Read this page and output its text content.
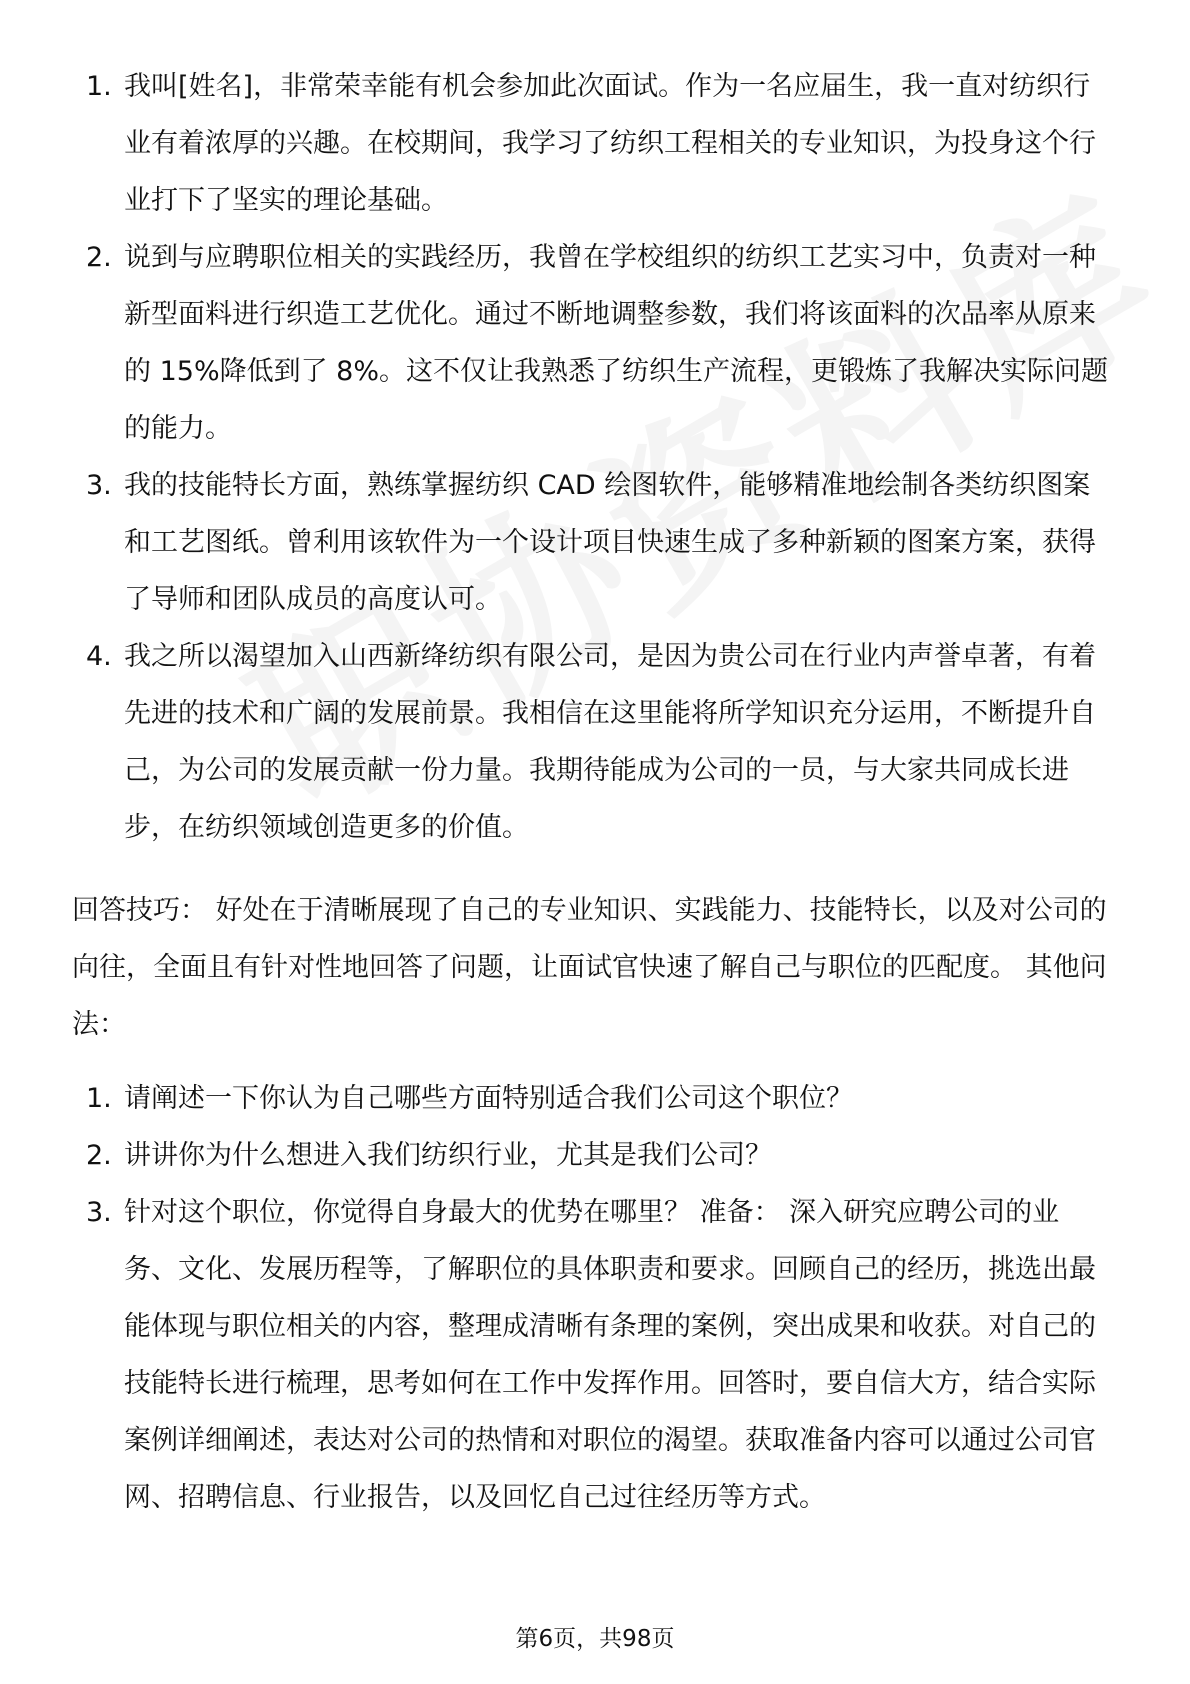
1. 我叫[姓名]，非常荣幸能有机会参加此次面试。作为一名应届生，我一直对纺织行业有着浓厚的兴趣。在校期间，我学习了纺织工程相关的专业知识，为投身这个行业打下了坚实的理论基础。
2. 说到与应聘职位相关的实践经历，我曾在学校组织的纺织工艺实习中，负责对一种新型面料进行织造工艺优化。通过不断地调整参数，我们将该面料的次品率从原来的 15%降低到了 8%。这不仅让我熟悉了纺织生产流程，更锻炼了我解决实际问题的能力。
3. 我的技能特长方面，熟练掌握纺织 CAD 绘图软件，能够精准地绘制各类纺织图案和工艺图纸。曾利用该软件为一个设计项目快速生成了多种新颖的图案方案，获得了导师和团队成员的高度认可。
4. 我之所以渴望加入山西新绛纺织有限公司，是因为贵公司在行业内声誉卓著，有着先进的技术和广阔的发展前景。我相信在这里能将所学知识充分运用，不断提升自己，为公司的发展贡献一份力量。我期待能成为公司的一员，与大家共同成长进步，在纺织领域创造更多的价值。

回答技巧： 好处在于清晰展现了自己的专业知识、实践能力、技能特长，以及对公司的向往，全面且有针对性地回答了问题，让面试官快速了解自己与职位的匹配度。 其他问法：

1. 请阐述一下你认为自己哪些方面特别适合我们公司这个职位？
2. 讲讲你为什么想进入我们纺织行业，尤其是我们公司？
3. 针对这个职位，你觉得自身最大的优势在哪里？ 准备： 深入研究应聘公司的业务、文化、发展历程等，了解职位的具体职责和要求。回顾自己的经历，挑选出最能体现与职位相关的内容，整理成清晰有条理的案例，突出成果和收获。对自己的技能特长进行梳理，思考如何在工作中发挥作用。回答时，要自信大方，结合实际案例详细阐述，表达对公司的热情和对职位的渴望。获取准备内容可以通过公司官网、招聘信息、行业报告，以及回忆自己过往经历等方式。
第6页，共98页
